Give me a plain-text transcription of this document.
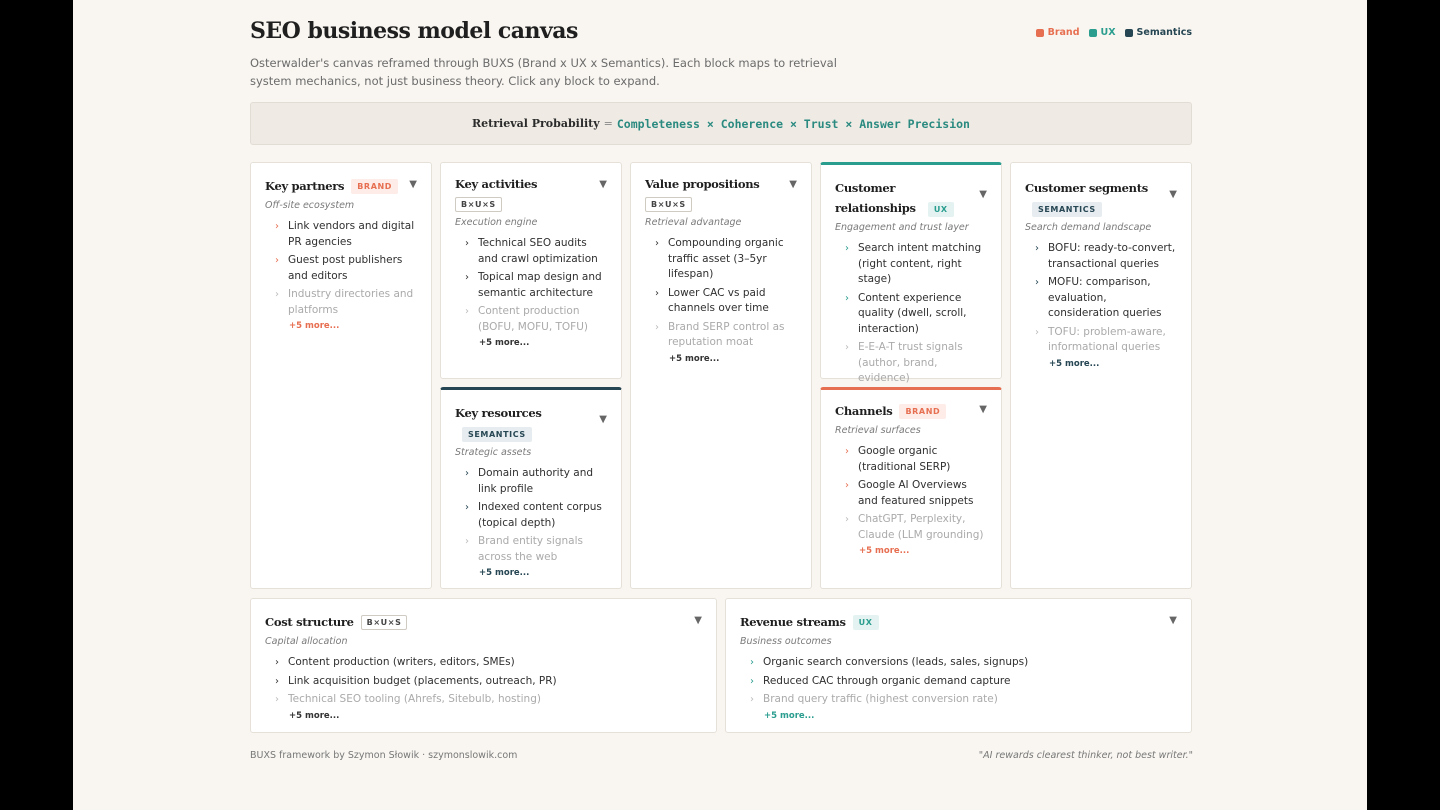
SEO business model canvas
Osterwalder's canvas reframed through BUXS (Brand x UX x Semantics). Each block maps to retrieval system mechanics, not just business theory. Click any block to expand.
Brand UX Semantics
Retrieval Probability = Completeness × Coherence × Trust × Answer Precision
Key partners	BRAND	▼
Off-site ecosystem
› Link vendors and digital PR agencies
› Guest post publishers and editors
› Industry directories and platforms
+5 more...
Key activities
B×U×S
▼
Execution engine
› Technical SEO audits and crawl optimization
› Topical map design and semantic architecture
› Content production (BOFU, MOFU, TOFU)
+5 more...
Key resources SEMANTICS
▼
Strategic assets
› Domain authority and link profile
› Indexed content corpus (topical depth)
› Brand entity signals across the web
+5 more...
Value propositions
B×U×S
▼
Retrieval advantage
› Compounding organic traffic asset (3–5yr lifespan)
› Lower CAC vs paid channels over time
› Brand SERP control as reputation moat
+5 more...
Customer relationships UX
▼
Engagement and trust layer
› Search intent matching (right content, right stage)
› Content experience quality (dwell, scroll, interaction)
› E-E-A-T trust signals (author, brand, evidence)
Channels	BRAND	▼
Retrieval surfaces
› Google organic (traditional SERP)
› Google AI Overviews and featured snippets
› ChatGPT, Perplexity, Claude (LLM grounding)
+5 more...
Customer segments SEMANTICS
▼
Search demand landscape
› BOFU: ready-to-convert, transactional queries
› MOFU: comparison, evaluation, consideration queries
› TOFU: problem-aware, informational queries
+5 more...
Cost structure	B×U×S	▼
Capital allocation
› Content production (writers, editors, SMEs)
› Link acquisition budget (placements, outreach, PR)
› Technical SEO tooling (Ahrefs, Sitebulb, hosting)
+5 more...
Revenue streams	UX	▼
Business outcomes
› Organic search conversions (leads, sales, signups)
› Reduced CAC through organic demand capture
› Brand query traffic (highest conversion rate)
+5 more...
BUXS framework by Szymon Słowik · szymonslowik.com	"AI rewards clearest thinker, not best writer."
